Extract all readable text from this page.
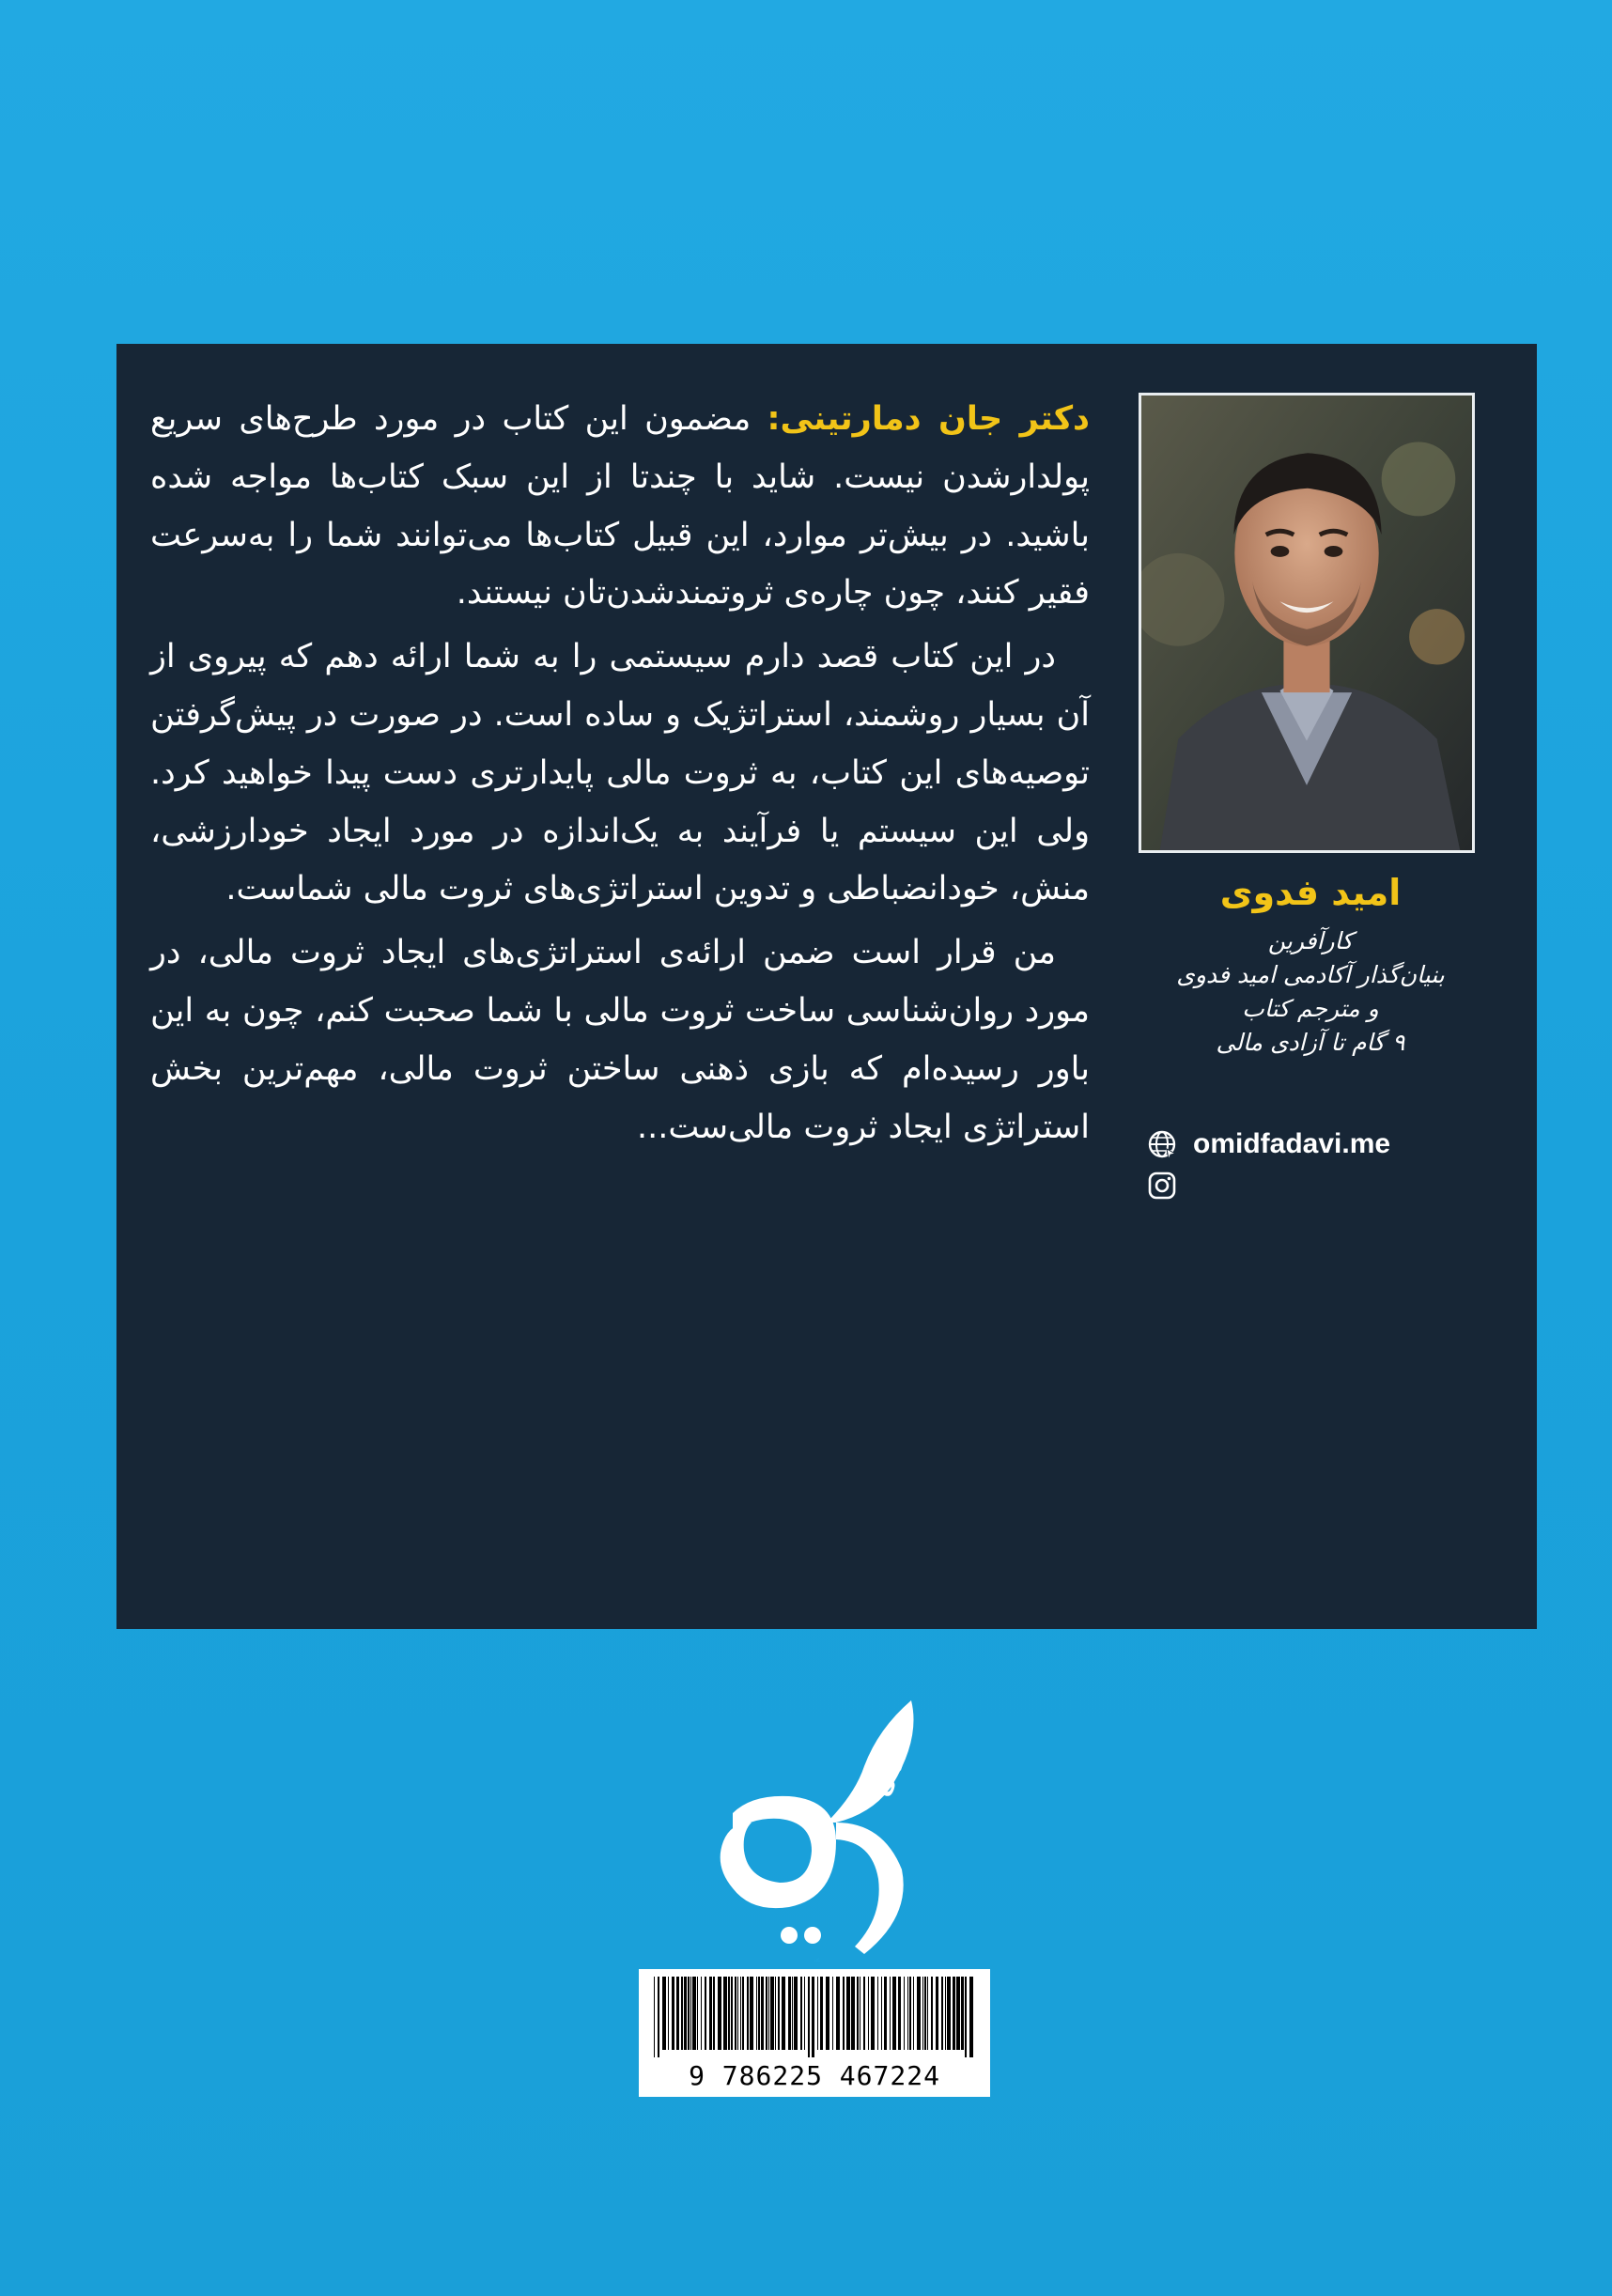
دکتر جان دمارتینی: مضمون این کتاب در مورد طرح‌های سریع پولدارشدن نیست. شاید با چندتا از این سبک کتاب‌ها مواجه شده باشید. در بیش‌تر موارد، این قبیل کتاب‌ها می‌توانند شما را به‌سرعت فقیر کنند، چون چاره‌ی ثروتمندشدن‌تان نیستند.

در این کتاب قصد دارم سیستمی را به شما ارائه دهم که پیروی از آن بسیار روشمند، استراتژیک و ساده است. در صورت در پیش‌گرفتن توصیه‌های این کتاب، به ثروت مالی پایدارتری دست پیدا خواهید کرد. ولی این سیستم یا فرآیند به یک‌اندازه در مورد ایجاد خودارزشی، منش، خودانضباطی و تدوین استراتژی‌های ثروت مالی شماست.

من قرار است ضمن ارائه‌ی استراتژی‌های ایجاد ثروت مالی، در مورد روان‌شناسی ساخت ثروت مالی با شما صحبت کنم، چون به این باور رسیده‌ام که بازی ذهنی ساختن ثروت مالی، مهم‌ترین بخش استراتژی ایجاد ثروت مالی‌ست...

امید فدوی
کارآفرین
بنیان‌گذار آکادمی امید فدوی
و مترجم کتاب
۹ گام تا آزادی مالی
omidfadavi.me
نوین
نگاه
9 786225 467224
